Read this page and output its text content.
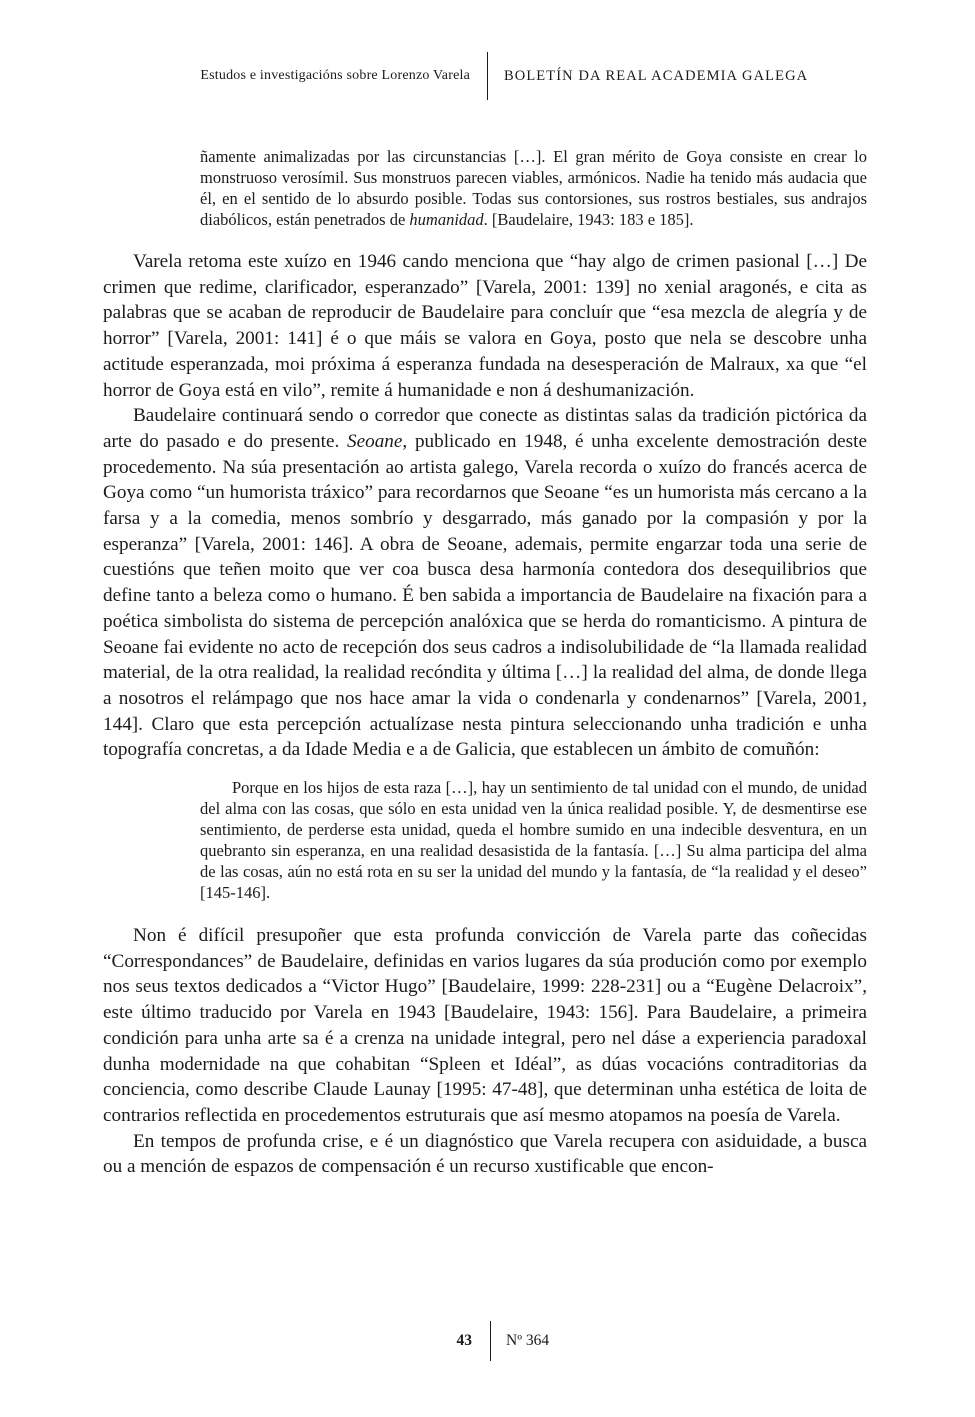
Estudos e investigacións sobre Lorenzo Varela	BOLETÍN DA REAL ACADEMIA GALEGA
ñamente animalizadas por las circunstancias […]. El gran mérito de Goya consiste en crear lo monstruoso verosímil. Sus monstruos parecen viables, armónicos. Nadie ha tenido más audacia que él, en el sentido de lo absurdo posible. Todas sus contorsiones, sus rostros bestiales, sus andrajos diabólicos, están penetrados de humanidad. [Baudelaire, 1943: 183 e 185].

Varela retoma este xuízo en 1946 cando menciona que “hay algo de crimen pasional […] De crimen que redime, clarificador, esperanzado” [Varela, 2001: 139] no xenial aragonés, e cita as palabras que se acaban de reproducir de Baudelaire para concluír que “esa mezcla de alegría y de horror” [Varela, 2001: 141] é o que máis se valora en Goya, posto que nela se descobre unha actitude esperanzada, moi próxima á esperanza fundada na desesperación de Malraux, xa que “el horror de Goya está en vilo”, remite á humanidade e non á deshumanización.

Baudelaire continuará sendo o corredor que conecte as distintas salas da tradición pictórica da arte do pasado e do presente. Seoane, publicado en 1948, é unha excelente demostración deste procedemento. Na súa presentación ao artista galego, Varela recorda o xuízo do francés acerca de Goya como “un humorista tráxico” para recordarnos que Seoane “es un humorista más cercano a la farsa y a la comedia, menos sombrío y desgarrado, más ganado por la compasión y por la esperanza” [Varela, 2001: 146]. A obra de Seoane, ademais, permite engarzar toda una serie de cuestións que teñen moito que ver coa busca desa harmonía contedora dos desequilibrios que define tanto a beleza como o humano. É ben sabida a importancia de Baudelaire na fixación para a poética simbolista do sistema de percepción analóxica que se herda do romanticismo. A pintura de Seoane fai evidente no acto de recepción dos seus cadros a indisolubilidade de “la llamada realidad material, de la otra realidad, la realidad recóndita y última […] la realidad del alma, de donde llega a nosotros el relámpago que nos hace amar la vida o condenarla y condenarnos” [Varela, 2001, 144]. Claro que esta percepción actualízase nesta pintura seleccionando unha tradición e unha topografía concretas, a da Idade Media e a de Galicia, que establecen un ámbito de comuñón:

Porque en los hijos de esta raza […], hay un sentimiento de tal unidad con el mundo, de unidad del alma con las cosas, que sólo en esta unidad ven la única realidad posible. Y, de desmentirse ese sentimiento, de perderse esta unidad, queda el hombre sumido en una indecible desventura, en un quebranto sin esperanza, en una realidad desasistida de la fantasía. […] Su alma participa del alma de las cosas, aún no está rota en su ser la unidad del mundo y la fantasía, de “la realidad y el deseo” [145-146].

Non é difícil presupoñer que esta profunda convicción de Varela parte das coñecidas “Correspondances” de Baudelaire, definidas en varios lugares da súa produción como por exemplo nos seus textos dedicados a “Victor Hugo” [Baudelaire, 1999: 228-231] ou a “Eugène Delacroix”, este último traducido por Varela en 1943 [Baudelaire, 1943: 156]. Para Baudelaire, a primeira condición para unha arte sa é a crenza na unidade integral, pero nel dáse a experiencia paradoxal dunha modernidade na que cohabitan “Spleen et Idéal”, as dúas vocacións contraditorias da conciencia, como describe Claude Launay [1995: 47-48], que determinan unha estética de loita de contrarios reflectida en procedementos estruturais que así mesmo atopamos na poesía de Varela.

En tempos de profunda crise, e é un diagnóstico que Varela recupera con asiduidade, a busca ou a mención de espazos de compensación é un recurso xustificable que encon-

43	Nº 364
